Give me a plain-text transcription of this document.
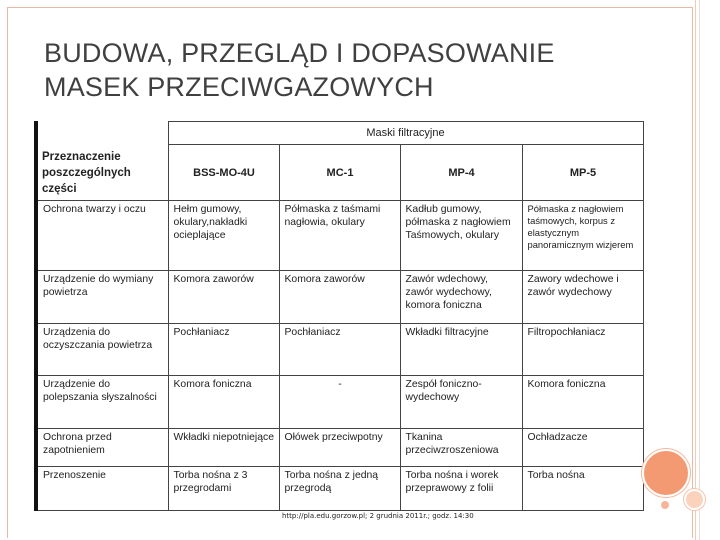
BUDOWA, PRZEGLĄD I DOPASOWANIE
MASEK PRZECIWGAZOWYCH
	Maski filtracyjne			
Przeznaczenie poszczególnych części	BSS-MO-4U	MC-1	MP-4	MP-5
Ochrona twarzy i oczu	Hełm gumowy, okulary,nakładki ocieplające	Półmaska z taśmami nagłowia, okulary	Kadłub gumowy, półmaska z nagłowiem Taśmowych, okulary	Półmaska z nagłowiem taśmowych, korpus z elastycznym panoramicznym wizjerem
Urządzenie do wymiany powietrza	Komora zaworów	Komora zaworów	Zawór wdechowy, zawór wydechowy, komora foniczna	Zawory wdechowe i zawór wydechowy
Urządzenia do oczyszczania powietrza	Pochłaniacz	Pochłaniacz	Wkładki filtracyjne	Filtropochłaniacz
Urządzenie do polepszania słyszalności	Komora foniczna	-	Zespół foniczno-wydechowy	Komora foniczna
Ochrona przed zapotnieniem	Wkładki niepotniejące	Ołówek przeciwpotny	Tkanina przeciwzroszeniowa	Ochładzacze
Przenoszenie	Torba nośna z 3 przegrodami	Torba nośna z jedną przegrodą	Torba nośna i worek przeprawowy z folii	Torba nośna
http://pla.edu.gorzow.pl; 2 grudnia 2011r.; godz. 14:30
